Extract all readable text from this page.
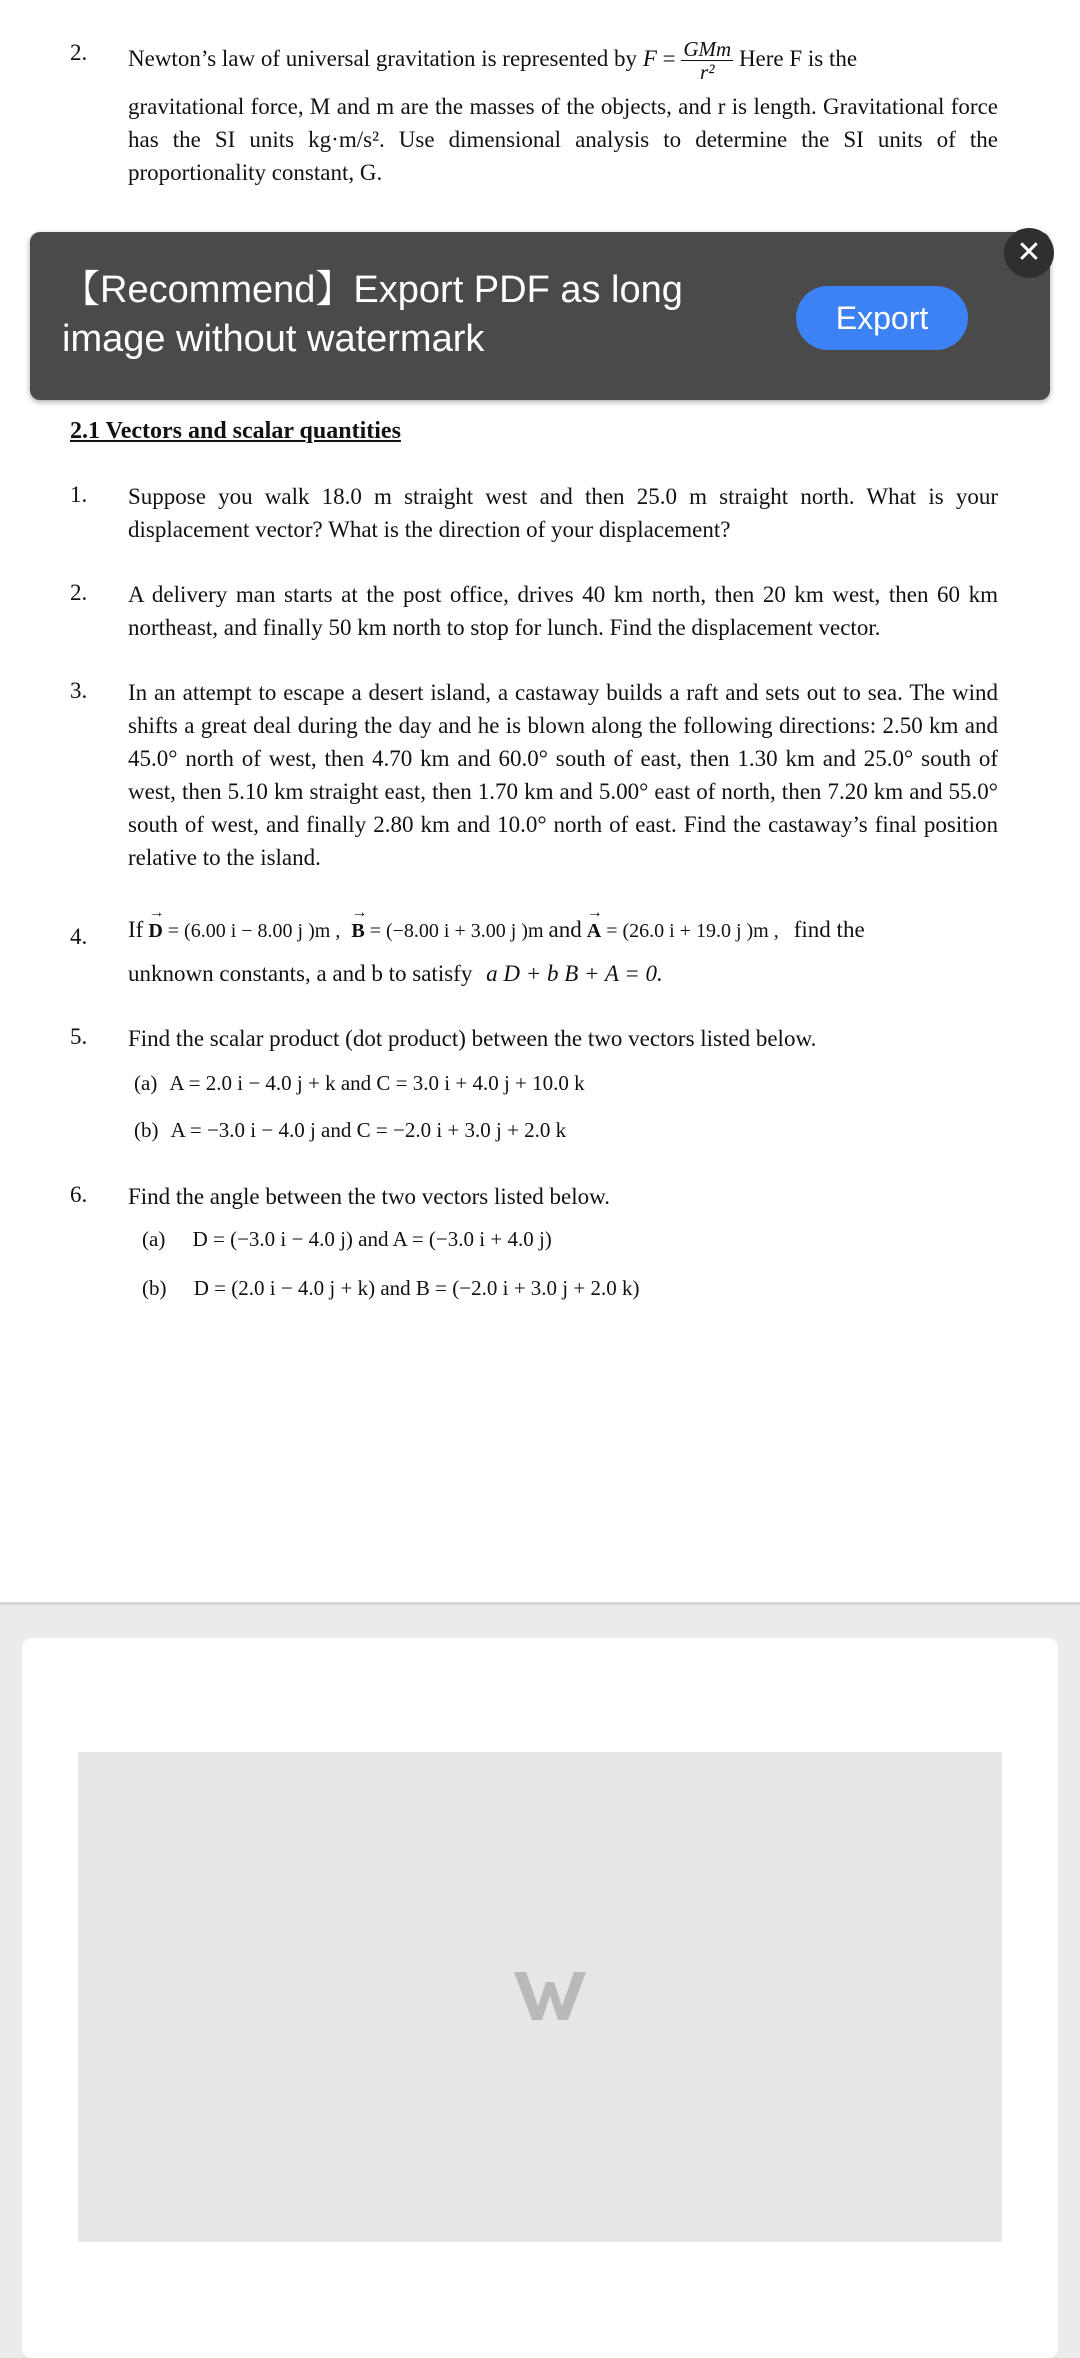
2. Newton’s law of universal gravitation is represented by F = GMm
r²
Here F is the

gravitational force, M and m are the masses of the objects, and r is length. Gravitational force has the SI units kg·m/s². Use dimensional analysis to determine the SI units of the proportionality constant, G.

2.1 Vectors and scalar quantities
1. Suppose you walk 18.0 m straight west and then 25.0 m straight north. What is your displacement vector? What is the direction of your displacement?
2. A delivery man starts at the post office, drives 40 km north, then 20 km west, then 60 km northeast, and finally 50 km north to stop for lunch. Find the displacement vector.
3. In an attempt to escape a desert island, a castaway builds a raft and sets out to sea. The wind shifts a great deal during the day and he is blown along the following directions: 2.50 km and 45.0° north of west, then 4.70 km and 60.0° south of east, then 1.30 km and 25.0° south of west, then 5.10 km straight east, then 1.70 km and 5.00° east of north, then 7.20 km and 55.0° south of west, and finally 2.80 km and 10.0° north of east. Find the castaway’s final position relative to the island.
4. If → D = (6.00 i − 8.00 j )m , → B = (−8.00 i + 3.00 j )m and → A = (26.0 i + 19.0 j )m , find the
unknown constants, a and b to satisfy a D + b B + A = 0.
5. Find the scalar product (dot product) between the two vectors listed below.
(a) A = 2.0 i − 4.0 j + k and C = 3.0 i + 4.0 j + 10.0 k
(b) A = −3.0 i − 4.0 j and C = −2.0 i + 3.0 j + 2.0 k
6. Find the angle between the two vectors listed below.
(a) D = (−3.0 i − 4.0 j) and A = (−3.0 i + 4.0 j)
(b) D = (2.0 i − 4.0 j + k) and B = (−2.0 i + 3.0 j + 2.0 k)
【Recommend】Export PDF as long image without watermark	Export
✕
